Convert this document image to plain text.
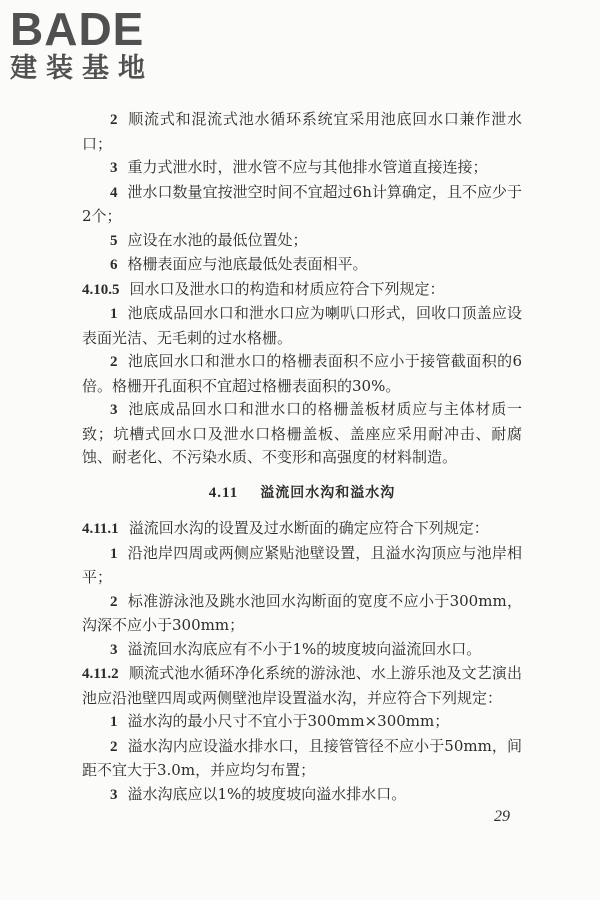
BADE
建装基地

2 顺流式和混流式池水循环系统宜采用池底回水口兼作泄水口；

3 重力式泄水时，泄水管不应与其他排水管道直接连接；

4 泄水口数量宜按泄空时间不宜超过6h计算确定，且不应少于2个；

5 应设在水池的最低位置处；

6 格栅表面应与池底最低处表面相平。

4.10.5 回水口及泄水口的构造和材质应符合下列规定：

1 池底成品回水口和泄水口应为喇叭口形式，回收口顶盖应设表面光洁、无毛刺的过水格栅。

2 池底回水口和泄水口的格栅表面积不应小于接管截面积的6倍。格栅开孔面积不宜超过格栅表面积的30%。

3 池底成品回水口和泄水口的格栅盖板材质应与主体材质一致；坑槽式回水口及泄水口格栅盖板、盖座应采用耐冲击、耐腐蚀、耐老化、不污染水质、不变形和高强度的材料制造。

4.11 溢流回水沟和溢水沟

4.11.1 溢流回水沟的设置及过水断面的确定应符合下列规定：

1 沿池岸四周或两侧应紧贴池壁设置，且溢水沟顶应与池岸相平；

2 标准游泳池及跳水池回水沟断面的宽度不应小于300mm，沟深不应小于300mm；

3 溢流回水沟底应有不小于1%的坡度坡向溢流回水口。

4.11.2 顺流式池水循环净化系统的游泳池、水上游乐池及文艺演出池应沿池壁四周或两侧壁池岸设置溢水沟，并应符合下列规定：

1 溢水沟的最小尺寸不宜小于300mm×300mm；

2 溢水沟内应设溢水排水口，且接管管径不应小于50mm，间距不宜大于3.0m，并应均匀布置；

3 溢水沟底应以1%的坡度坡向溢水排水口。

29
